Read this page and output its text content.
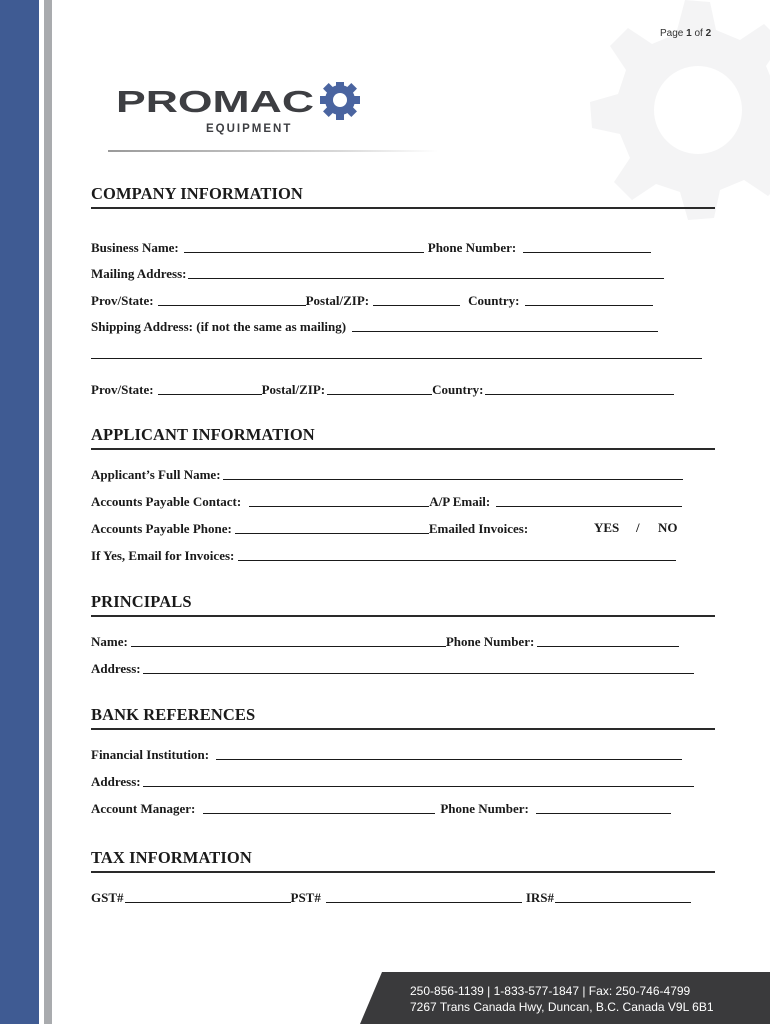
Page 1 of 2
PROMAC
EQUIPMENT
COMPANY INFORMATION
Business Name:	Phone Number:
Mailing Address:
Prov/State:	Postal/ZIP:	Country:
Shipping Address: (if not the same as mailing)
Prov/State:	Postal/ZIP:	Country:
APPLICANT INFORMATION
Applicant’s Full Name:
Accounts Payable Contact:	A/P Email:
Accounts Payable Phone:	Emailed Invoices:	YES / NO
If Yes, Email for Invoices:
PRINCIPALS
Name:	Phone Number:
Address:
BANK REFERENCES
Financial Institution:
Address:
Account Manager:	Phone Number:
TAX INFORMATION
GST#	PST#	IRS#
250-856-1139 | 1-833-577-1847 | Fax: 250-746-4799
7267 Trans Canada Hwy, Duncan, B.C. Canada V9L 6B1
